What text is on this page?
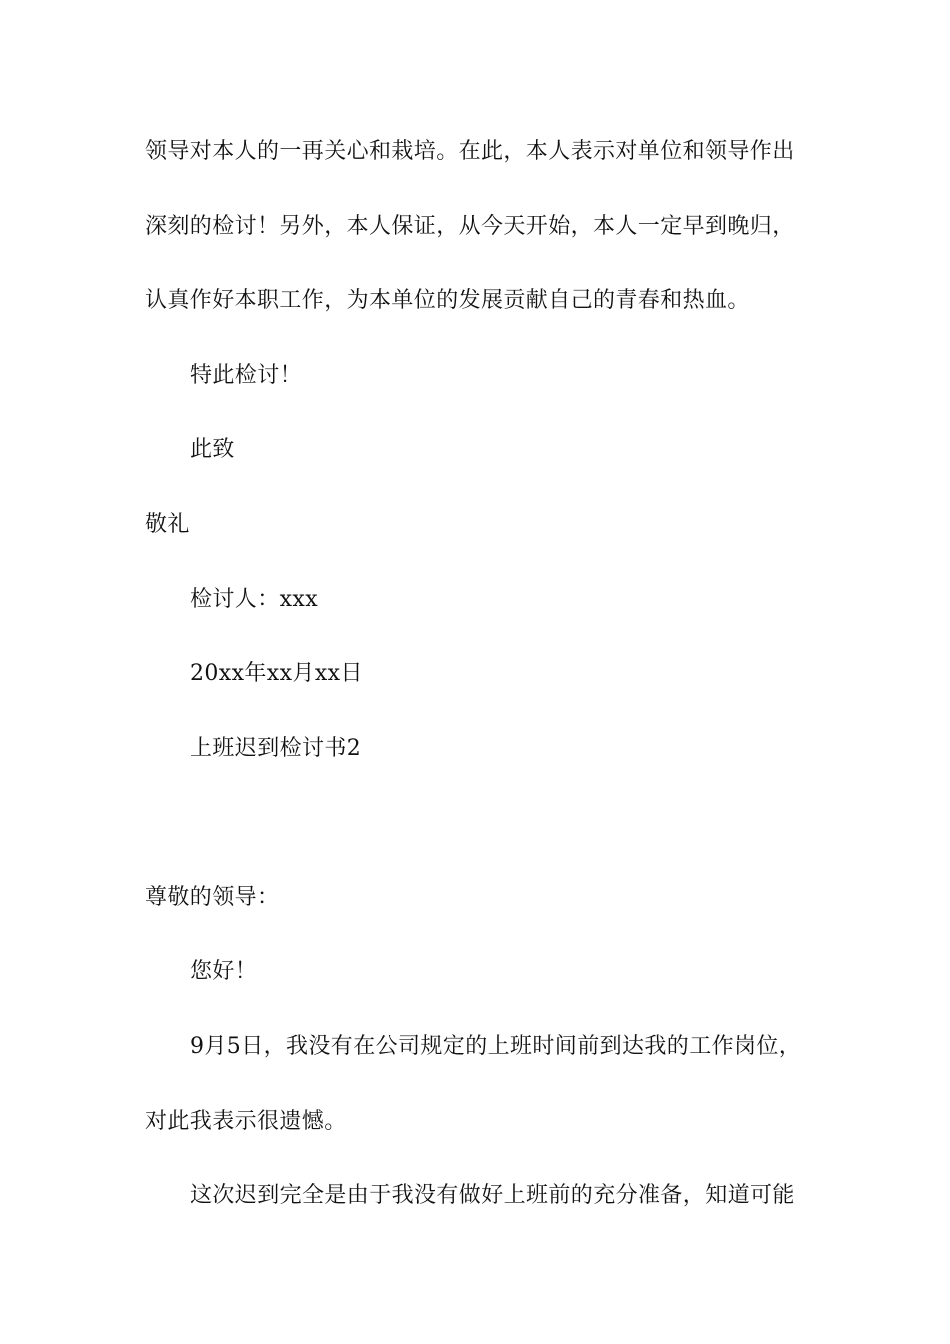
领导对本人的一再关心和栽培。在此，本人表示对单位和领导作出
深刻的检讨！另外，本人保证，从今天开始，本人一定早到晚归，
认真作好本职工作，为本单位的发展贡献自己的青春和热血。
特此检讨！
此致
敬礼
检讨人：xxx
20xx年xx月xx日
上班迟到检讨书2
尊敬的领导：
您好！
9月5日，我没有在公司规定的上班时间前到达我的工作岗位，
对此我表示很遗憾。
这次迟到完全是由于我没有做好上班前的充分准备，知道可能
